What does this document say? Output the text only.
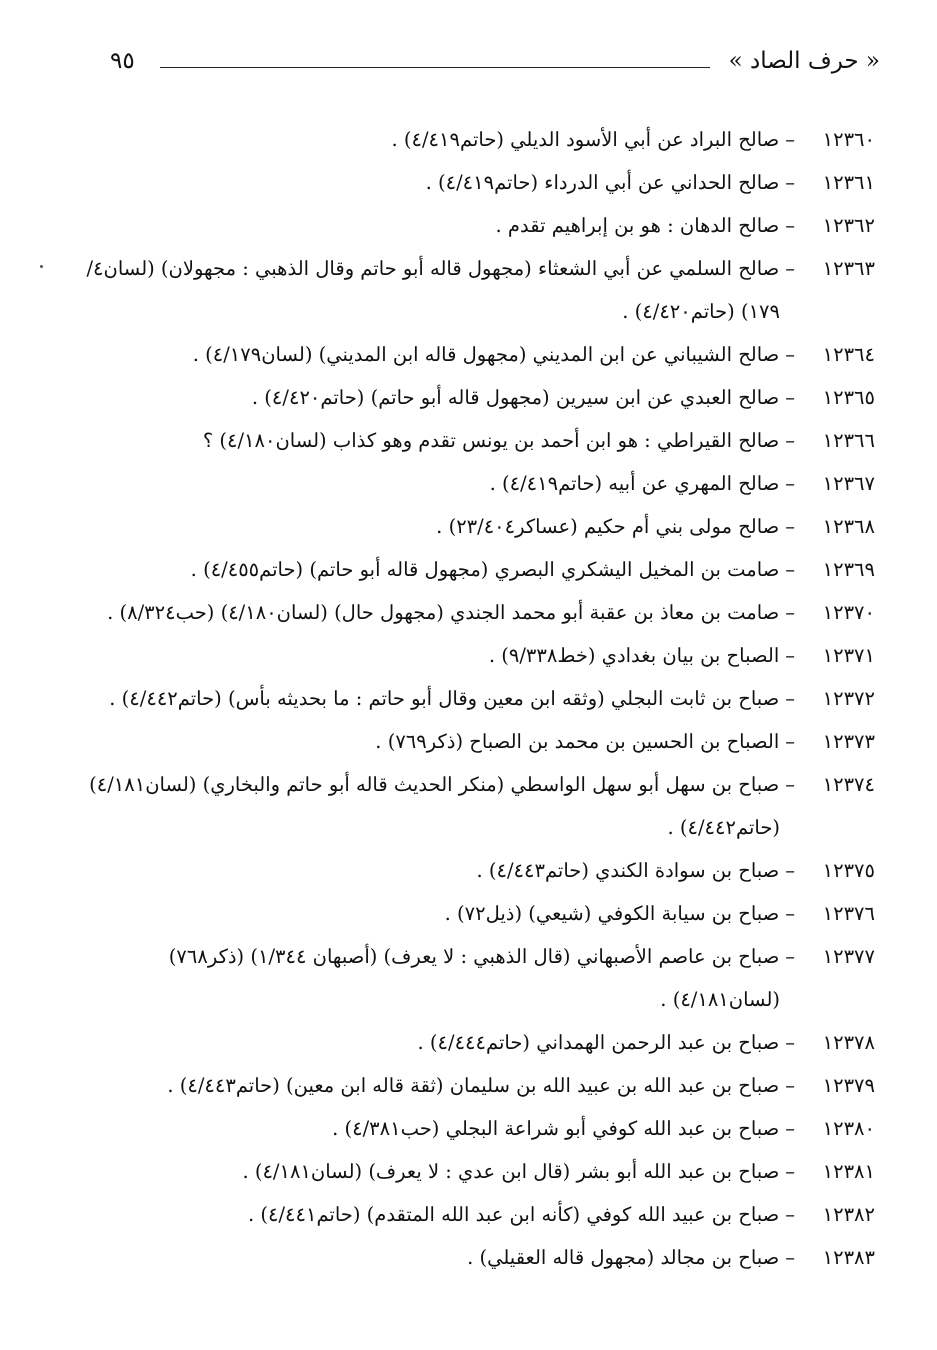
« حرف الصاد »
٩٥
١٢٣٦٠–صالح البراد عن أبي الأسود الديلي (حاتم٤/٤١٩) .
١٢٣٦١–صالح الحداني عن أبي الدرداء (حاتم٤/٤١٩) .
١٢٣٦٢–صالح الدهان : هو بن إبراهيم تقدم .
١٢٣٦٣–صالح السلمي عن أبي الشعثاء (مجهول قاله أبو حاتم وقال الذهبي : مجهولان) (لسان٤/
١٧٩) (حاتم٤/٤٢٠) .
١٢٣٦٤–صالح الشيباني عن ابن المديني (مجهول قاله ابن المديني) (لسان٤/١٧٩) .
١٢٣٦٥–صالح العبدي عن ابن سيرين (مجهول قاله أبو حاتم) (حاتم٤/٤٢٠) .
١٢٣٦٦–صالح القيراطي : هو ابن أحمد بن يونس تقدم وهو كذاب (لسان٤/١٨٠) ؟
١٢٣٦٧–صالح المهري عن أبيه (حاتم٤/٤١٩) .
١٢٣٦٨–صالح مولى بني أم حكيم (عساكر٢٣/٤٠٤) .
١٢٣٦٩–صامت بن المخيل اليشكري البصري (مجهول قاله أبو حاتم) (حاتم٤/٤٥٥) .
١٢٣٧٠–صامت بن معاذ بن عقبة أبو محمد الجندي (مجهول حال) (لسان٤/١٨٠) (حب٨/٣٢٤) .
١٢٣٧١–الصباح بن بيان بغدادي (خط٩/٣٣٨) .
١٢٣٧٢–صباح بن ثابت البجلي (وثقه ابن معين وقال أبو حاتم : ما بحديثه بأس) (حاتم٤/٤٤٢) .
١٢٣٧٣–الصباح بن الحسين بن محمد بن الصباح (ذكر٧٦٩) .
١٢٣٧٤–صباح بن سهل أبو سهل الواسطي (منكر الحديث قاله أبو حاتم والبخاري) (لسان٤/١٨١)
(حاتم٤/٤٤٢) .
١٢٣٧٥–صباح بن سوادة الكندي (حاتم٤/٤٤٣) .
١٢٣٧٦–صباح بن سيابة الكوفي (شيعي) (ذيل٧٢) .
١٢٣٧٧–صباح بن عاصم الأصبهاني (قال الذهبي : لا يعرف) (أصبهان ١/٣٤٤) (ذكر٧٦٨)
(لسان٤/١٨١) .
١٢٣٧٨–صباح بن عبد الرحمن الهمداني (حاتم٤/٤٤٤) .
١٢٣٧٩–صباح بن عبد الله بن عبيد الله بن سليمان (ثقة قاله ابن معين) (حاتم٤/٤٤٣) .
١٢٣٨٠–صباح بن عبد الله كوفي أبو شراعة البجلي (حب٤/٣٨١) .
١٢٣٨١–صباح بن عبد الله أبو بشر (قال ابن عدي : لا يعرف) (لسان٤/١٨١) .
١٢٣٨٢–صباح بن عبيد الله كوفي (كأنه ابن عبد الله المتقدم) (حاتم٤/٤٤١) .
١٢٣٨٣–صباح بن مجالد (مجهول قاله العقيلي) .
